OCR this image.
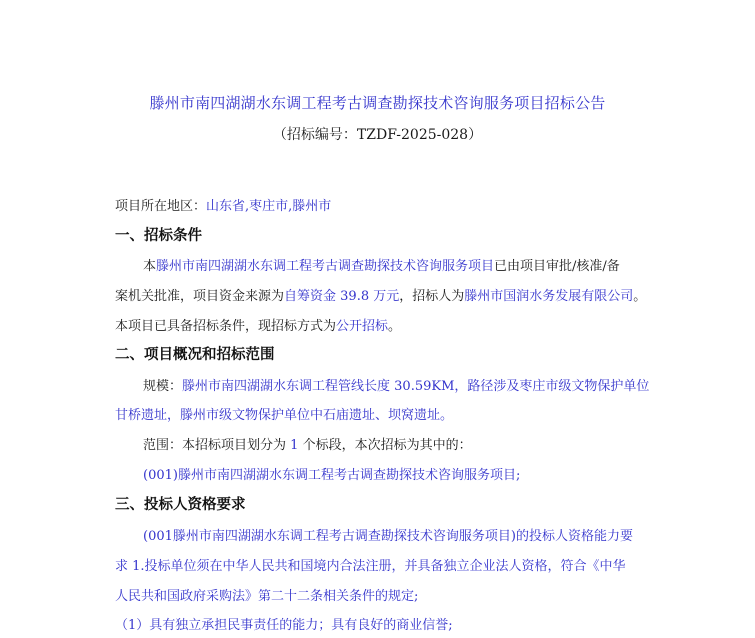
滕州市南四湖湖水东调工程考古调查勘探技术咨询服务项目招标公告
（招标编号：TZDF-2025-028）
项目所在地区：山东省,枣庄市,滕州市
一、招标条件
本滕州市南四湖湖水东调工程考古调查勘探技术咨询服务项目已由项目审批/核准/备
案机关批准，项目资金来源为自筹资金 39.8 万元，招标人为滕州市国润水务发展有限公司。
本项目已具备招标条件，现招标方式为公开招标。
二、项目概况和招标范围
规模：滕州市南四湖湖水东调工程管线长度 30.59KM，路径涉及枣庄市级文物保护单位
甘桥遗址，滕州市级文物保护单位中石庙遗址、坝窝遗址。
范围：本招标项目划分为 1 个标段，本次招标为其中的：
(001)滕州市南四湖湖水东调工程考古调查勘探技术咨询服务项目;
三、投标人资格要求
(001滕州市南四湖湖水东调工程考古调查勘探技术咨询服务项目)的投标人资格能力要
求 1.投标单位须在中华人民共和国境内合法注册，并具备独立企业法人资格，符合《中华
人民共和国政府采购法》第二十二条相关条件的规定;
（1）具有独立承担民事责任的能力；具有良好的商业信誉;
